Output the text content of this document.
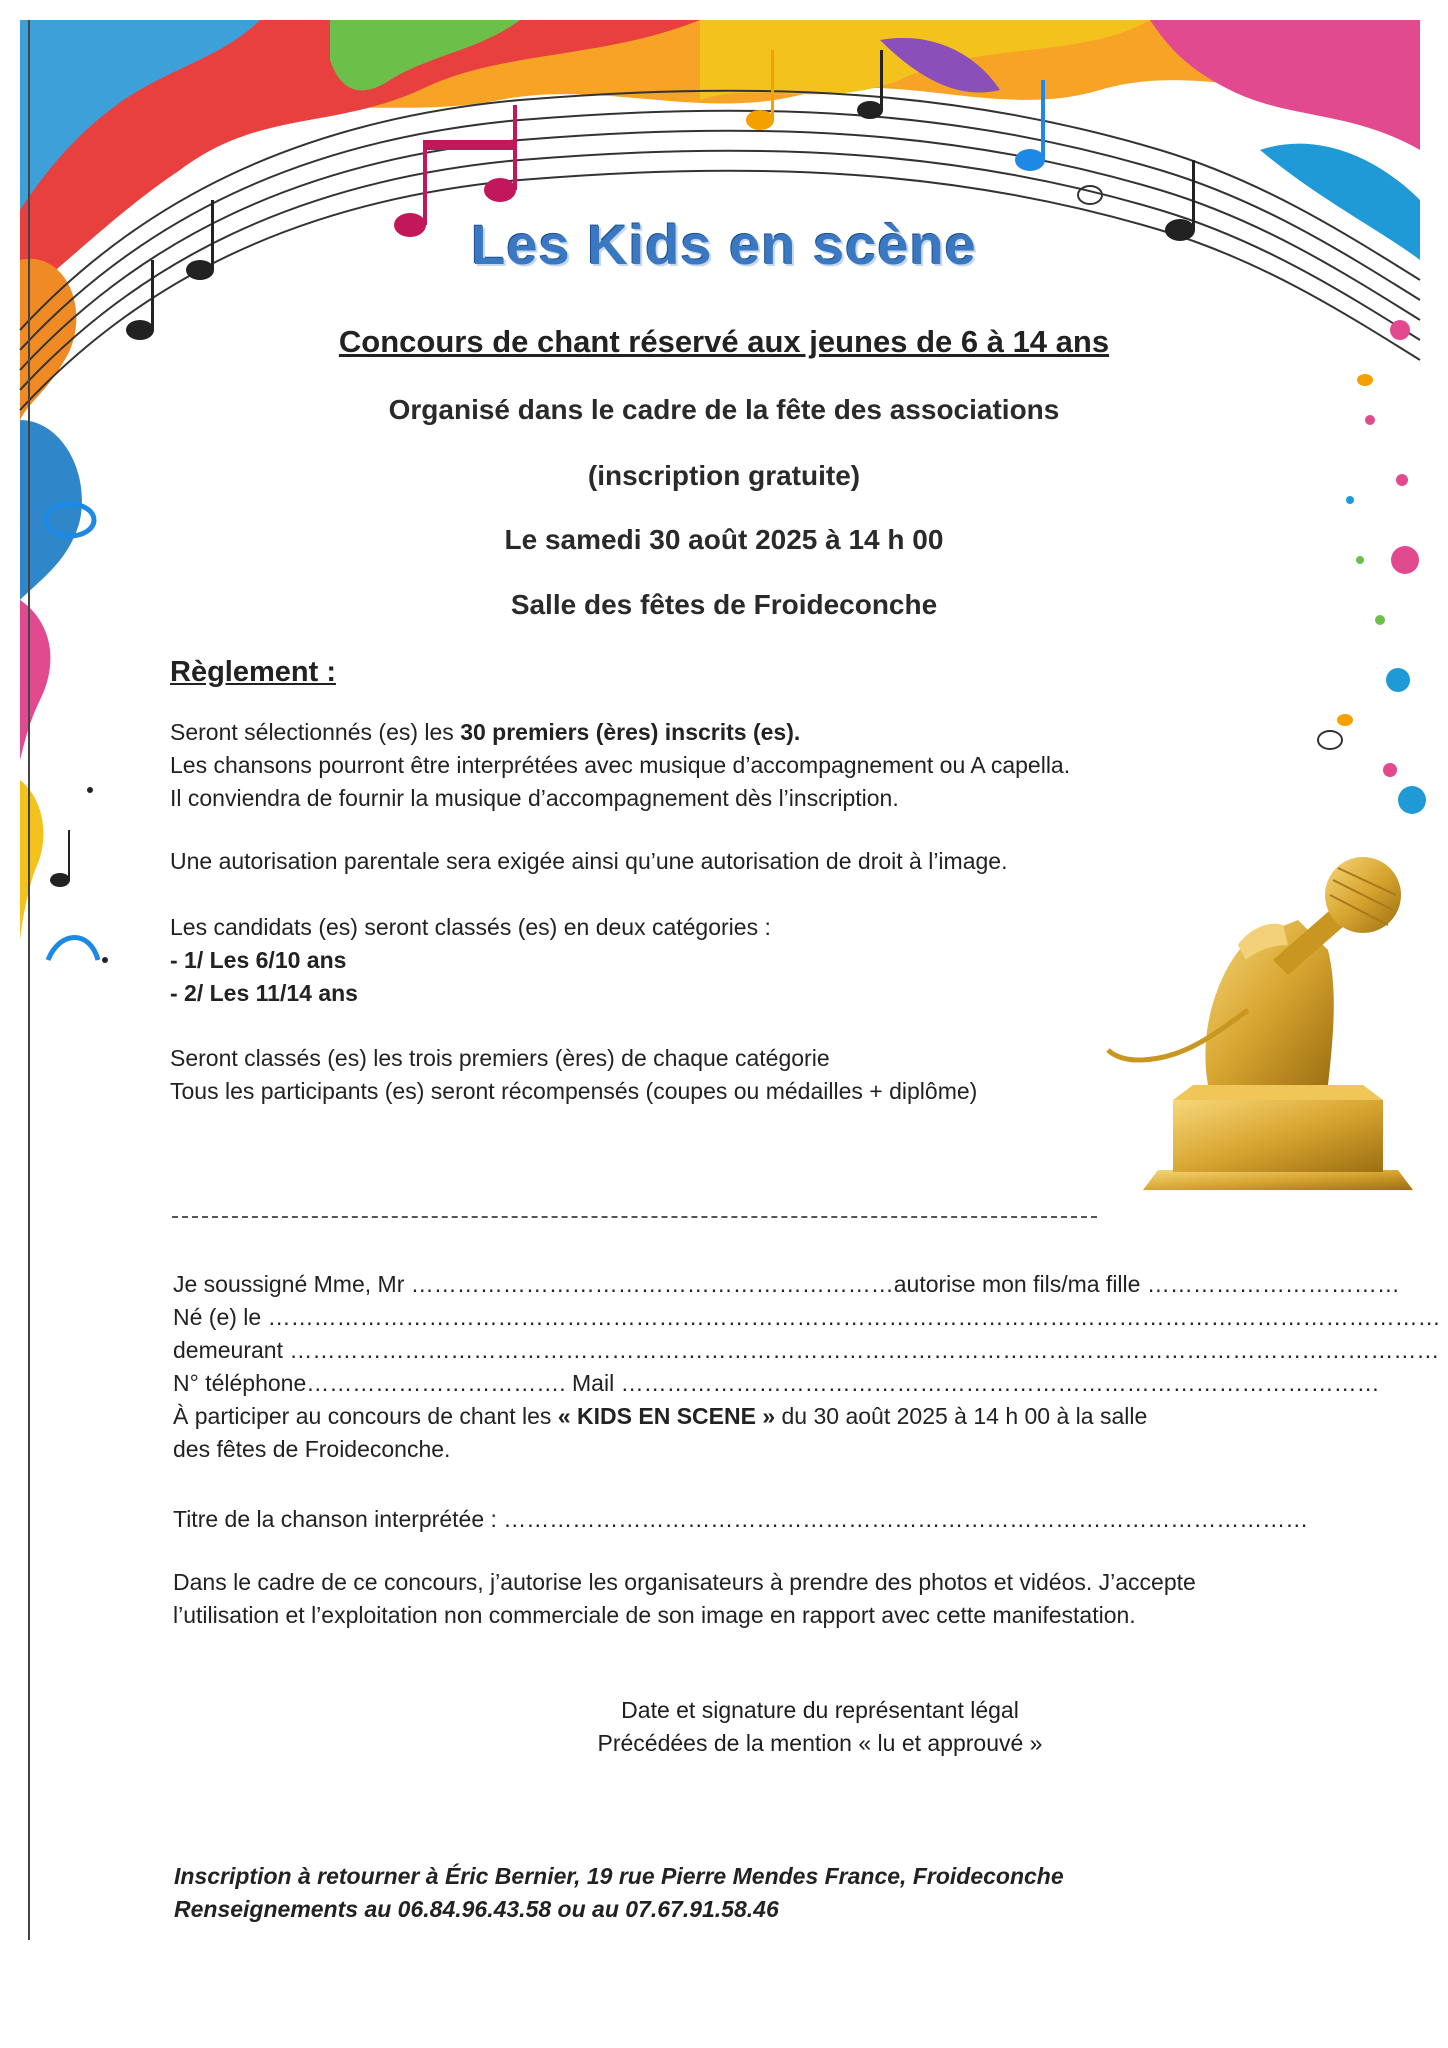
Les Kids en scène
Concours de chant réservé aux jeunes de 6 à 14 ans
Organisé dans le cadre de la fête des associations
(inscription gratuite)
Le samedi 30 août 2025 à 14 h 00
Salle des fêtes de Froideconche
Règlement :

Seront sélectionnés (es) les 30 premiers (ères) inscrits (es).

Les chansons pourront être interprétées avec musique d’accompagnement ou A capella.

Il conviendra de fournir la musique d’accompagnement dès l’inscription.

Une autorisation parentale sera exigée ainsi qu’une autorisation de droit à l’image.

Les candidats (es) seront classés (es) en deux catégories :

- 1/ Les 6/10 ans

- 2/ Les 11/14 ans

Seront classés (es) les trois premiers (ères) de chaque catégorie

Tous les participants (es) seront récompensés (coupes ou médailles + diplôme)

Je soussigné Mme, Mr ………………………………………………………autorise mon fils/ma fille ……………………………

Né (e) le ………………………………………………………………………………………………………………………………………

demeurant ……………………………………………………………………………………………………………………………………

N° téléphone……………………………. Mail ………………………………………………………………………………………

À participer au concours de chant les « KIDS EN SCENE » du 30 août 2025 à 14 h 00 à la salle

des fêtes de Froideconche.

Titre de la chanson interprétée : ……………………………………………………………………………………………

Dans le cadre de ce concours, j’autorise les organisateurs à prendre des photos et vidéos. J’accepte

l’utilisation et l’exploitation non commerciale de son image en rapport avec cette manifestation.

Date et signature du représentant légal

Précédées de la mention « lu et approuvé »

Inscription à retourner à Éric Bernier, 19 rue Pierre Mendes France, Froideconche

Renseignements au 06.84.96.43.58 ou au 07.67.91.58.46
